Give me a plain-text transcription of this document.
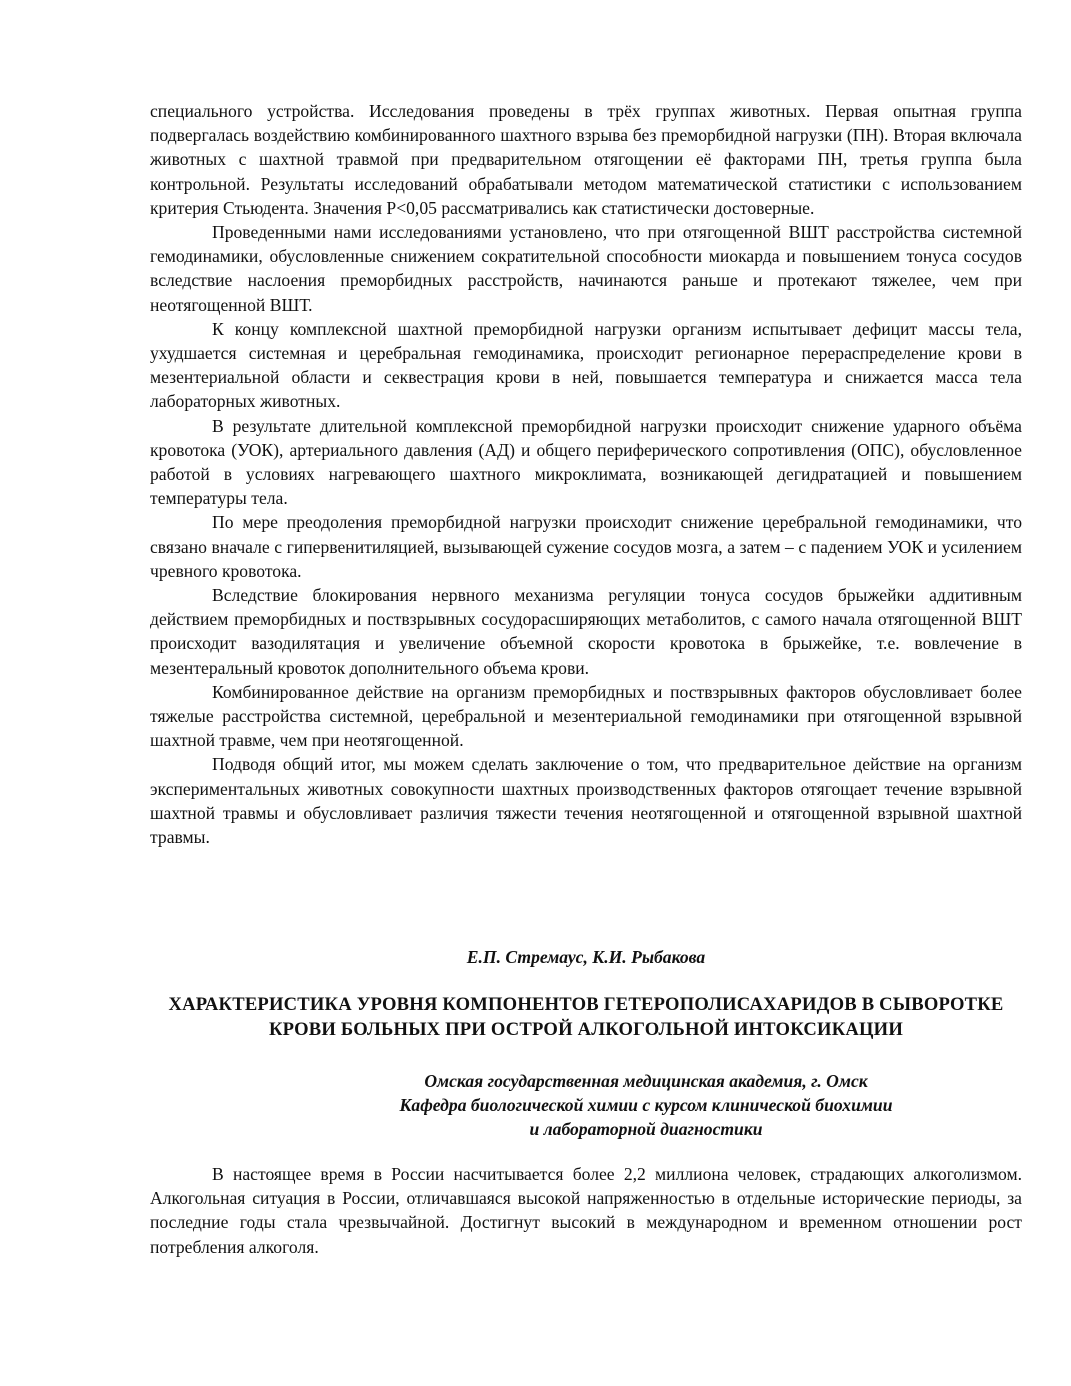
специального устройства. Исследования проведены в трёх группах животных. Первая опытная группа подвергалась воздействию комбинированного шахтного взрыва без преморбидной нагрузки (ПН). Вторая включала животных с шахтной травмой при предварительном отягощении её факторами ПН, третья группа была контрольной. Результаты исследований обрабатывали методом математической статистики с использованием критерия Стьюдента. Значения Р<0,05 рассматривались как статистически достоверные.

Проведенными нами исследованиями установлено, что при отягощенной ВШТ расстройства системной гемодинамики, обусловленные снижением сократительной способности миокарда и повышением тонуса сосудов вследствие наслоения преморбидных расстройств, начинаются раньше и протекают тяжелее, чем при неотягощенной ВШТ.

К концу комплексной шахтной преморбидной нагрузки организм испытывает дефицит массы тела, ухудшается системная и церебральная гемодинамика, происходит регионарное перераспределение крови в мезентериальной области и секвестрация крови в ней, повышается температура и снижается масса тела лабораторных животных.

В результате длительной комплексной преморбидной нагрузки происходит снижение ударного объёма кровотока (УОК), артериального давления (АД) и общего периферического сопротивления (ОПС), обусловленное работой в условиях нагревающего шахтного микроклимата, возникающей дегидратацией и повышением температуры тела.

По мере преодоления преморбидной нагрузки происходит снижение церебральной гемодинамики, что связано вначале с гипервенитиляцией, вызывающей сужение сосудов мозга, а затем – с падением УОК и усилением чревного кровотока.

Вследствие блокирования нервного механизма регуляции тонуса сосудов брыжейки аддитивным действием преморбидных и поствзрывных сосудорасширяющих метаболитов, с самого начала отягощенной ВШТ происходит вазодилятация и увеличение объемной скорости кровотока в брыжейке, т.е. вовлечение в мезентеральный кровоток дополнительного объема крови.

Комбинированное действие на организм преморбидных и поствзрывных факторов обусловливает более тяжелые расстройства системной, церебральной и мезентериальной гемодинамики при отягощенной взрывной шахтной травме, чем при неотягощенной.

Подводя общий итог, мы можем сделать заключение о том, что предварительное действие на организм экспериментальных животных совокупности шахтных производственных факторов отягощает течение взрывной шахтной травмы и обусловливает различия тяжести течения неотягощенной и отягощенной взрывной шахтной травмы.

Е.П. Стремаус, К.И. Рыбакова

ХАРАКТЕРИСТИКА УРОВНЯ КОМПОНЕНТОВ ГЕТЕРОПОЛИСАХАРИДОВ В СЫВОРОТКЕ КРОВИ БОЛЬНЫХ ПРИ ОСТРОЙ АЛКОГОЛЬНОЙ ИНТОКСИКАЦИИ

Омская государственная медицинская академия, г. Омск
Кафедра биологической химии с курсом клинической биохимии
и лабораторной диагностики

В настоящее время в России насчитывается более 2,2 миллиона человек, страдающих алкоголизмом. Алкогольная ситуация в России, отличавшаяся высокой напряженностью в отдельные исторические периоды, за последние годы стала чрезвычайной. Достигнут высокий в международном и временном отношении рост потребления алкоголя.
